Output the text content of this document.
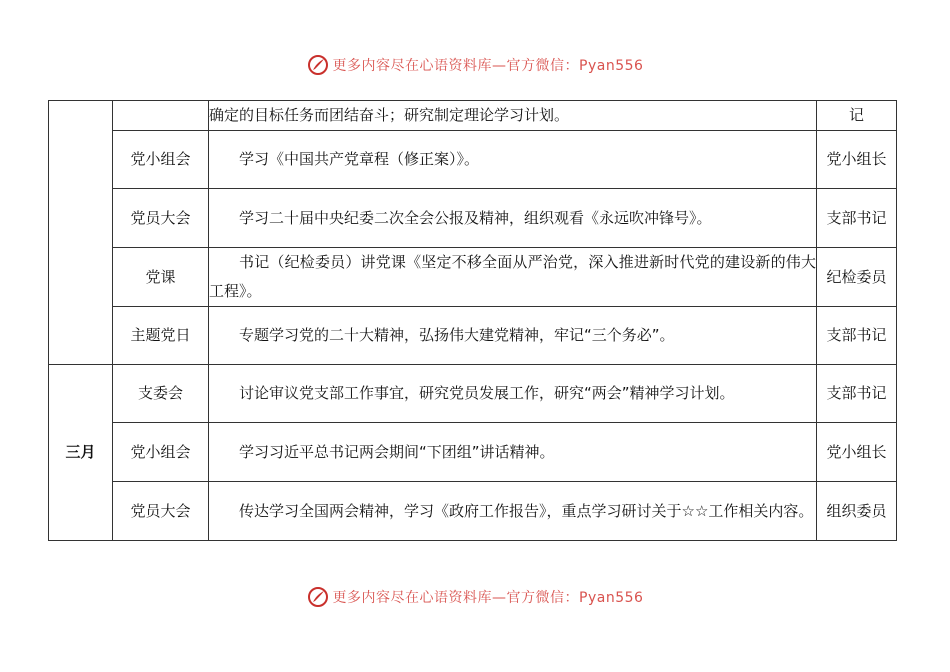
更多内容尽在心语资料库—官方微信：Pyan556

		确定的目标任务而团结奋斗；研究制定理论学习计划。	记

	党小组会	学习《中国共产党章程（修正案）》。	党小组长

	党员大会	学习二十届中央纪委二次全会公报及精神，组织观看《永远吹冲锋号》。	支部书记

	党课	书记（纪检委员）讲党课《坚定不移全面从严治党，深入推进新时代党的建设新的伟大工程》。	纪检委员

	主题党日	专题学习党的二十大精神，弘扬伟大建党精神，牢记“三个务必”。	支部书记

三月	支委会	讨论审议党支部工作事宜，研究党员发展工作，研究“两会”精神学习计划。	支部书记

	党小组会	学习习近平总书记两会期间“下团组”讲话精神。	党小组长

	党员大会	传达学习全国两会精神，学习《政府工作报告》，重点学习研讨关于☆☆工作相关内容。	组织委员
更多内容尽在心语资料库—官方微信：Pyan556
